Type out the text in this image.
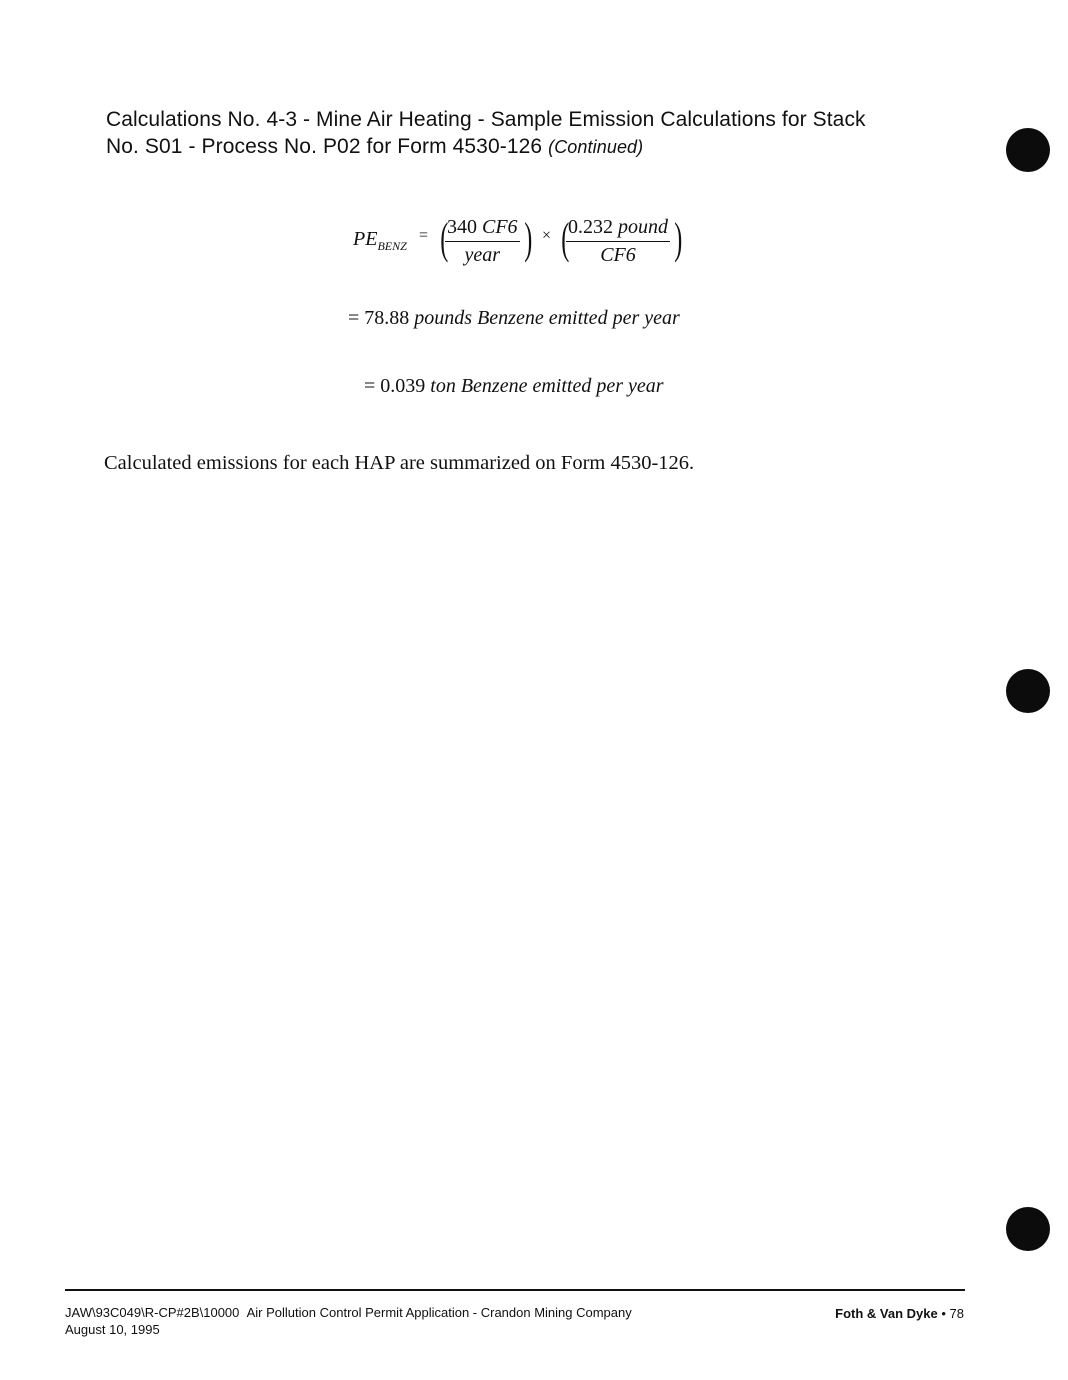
Calculations No. 4-3 - Mine Air Heating - Sample Emission Calculations for Stack
No. S01 - Process No. P02 for Form 4530-126 (Continued)
$PE_{BENZ}$
= (
340 CF6
year ) × (
0.232 pound
CF6 )
= 78.88 pounds Benzene emitted per year
= 0.039 ton Benzene emitted per year
Calculated emissions for each HAP are summarized on Form 4530-126.
JAW\93C049\R-CP#2B\10000 Air Pollution Control Permit Application - Crandon Mining Company
August 10, 1995
Foth & Van Dyke • 78
